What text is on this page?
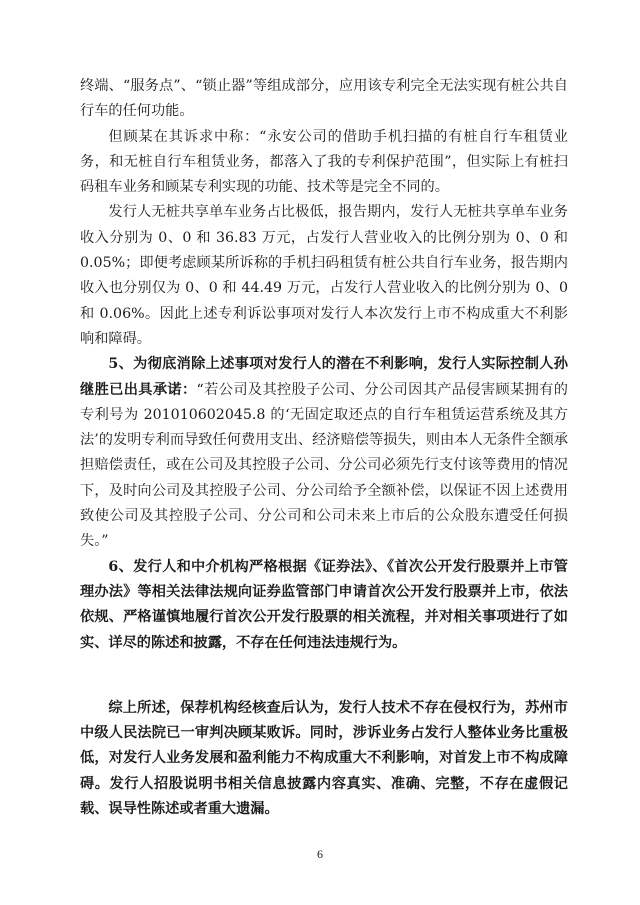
终端、“服务点”、“锁止器”等组成部分，应用该专利完全无法实现有桩公共自行车的任何功能。

但顾某在其诉求中称：“永安公司的借助手机扫描的有桩自行车租赁业务，和无桩自行车租赁业务，都落入了我的专利保护范围”，但实际上有桩扫码租车业务和顾某专利实现的功能、技术等是完全不同的。

发行人无桩共享单车业务占比极低，报告期内，发行人无桩共享单车业务收入分别为 0、0 和 36.83 万元，占发行人营业收入的比例分别为 0、0 和 0.05%；即便考虑顾某所诉称的手机扫码租赁有桩公共自行车业务，报告期内收入也分别仅为 0、0 和 44.49 万元，占发行人营业收入的比例分别为 0、0 和 0.06%。因此上述专利诉讼事项对发行人本次发行上市不构成重大不利影响和障碍。

5、为彻底消除上述事项对发行人的潜在不利影响，发行人实际控制人孙继胜已出具承诺：“若公司及其控股子公司、分公司因其产品侵害顾某拥有的专利号为 201010602045.8 的‘无固定取还点的自行车租赁运营系统及其方法’的发明专利而导致任何费用支出、经济赔偿等损失，则由本人无条件全额承担赔偿责任，或在公司及其控股子公司、分公司必须先行支付该等费用的情况下，及时向公司及其控股子公司、分公司给予全额补偿，以保证不因上述费用致使公司及其控股子公司、分公司和公司未来上市后的公众股东遭受任何损失。”

6、发行人和中介机构严格根据《证券法》、《首次公开发行股票并上市管理办法》等相关法律法规向证券监管部门申请首次公开发行股票并上市，依法依规、严格谨慎地履行首次公开发行股票的相关流程，并对相关事项进行了如实、详尽的陈述和披露，不存在任何违法违规行为。

综上所述，保荐机构经核查后认为，发行人技术不存在侵权行为，苏州市中级人民法院已一审判决顾某败诉。同时，涉诉业务占发行人整体业务比重极低，对发行人业务发展和盈利能力不构成重大不利影响，对首发上市不构成障碍。发行人招股说明书相关信息披露内容真实、准确、完整，不存在虚假记载、误导性陈述或者重大遗漏。

6
